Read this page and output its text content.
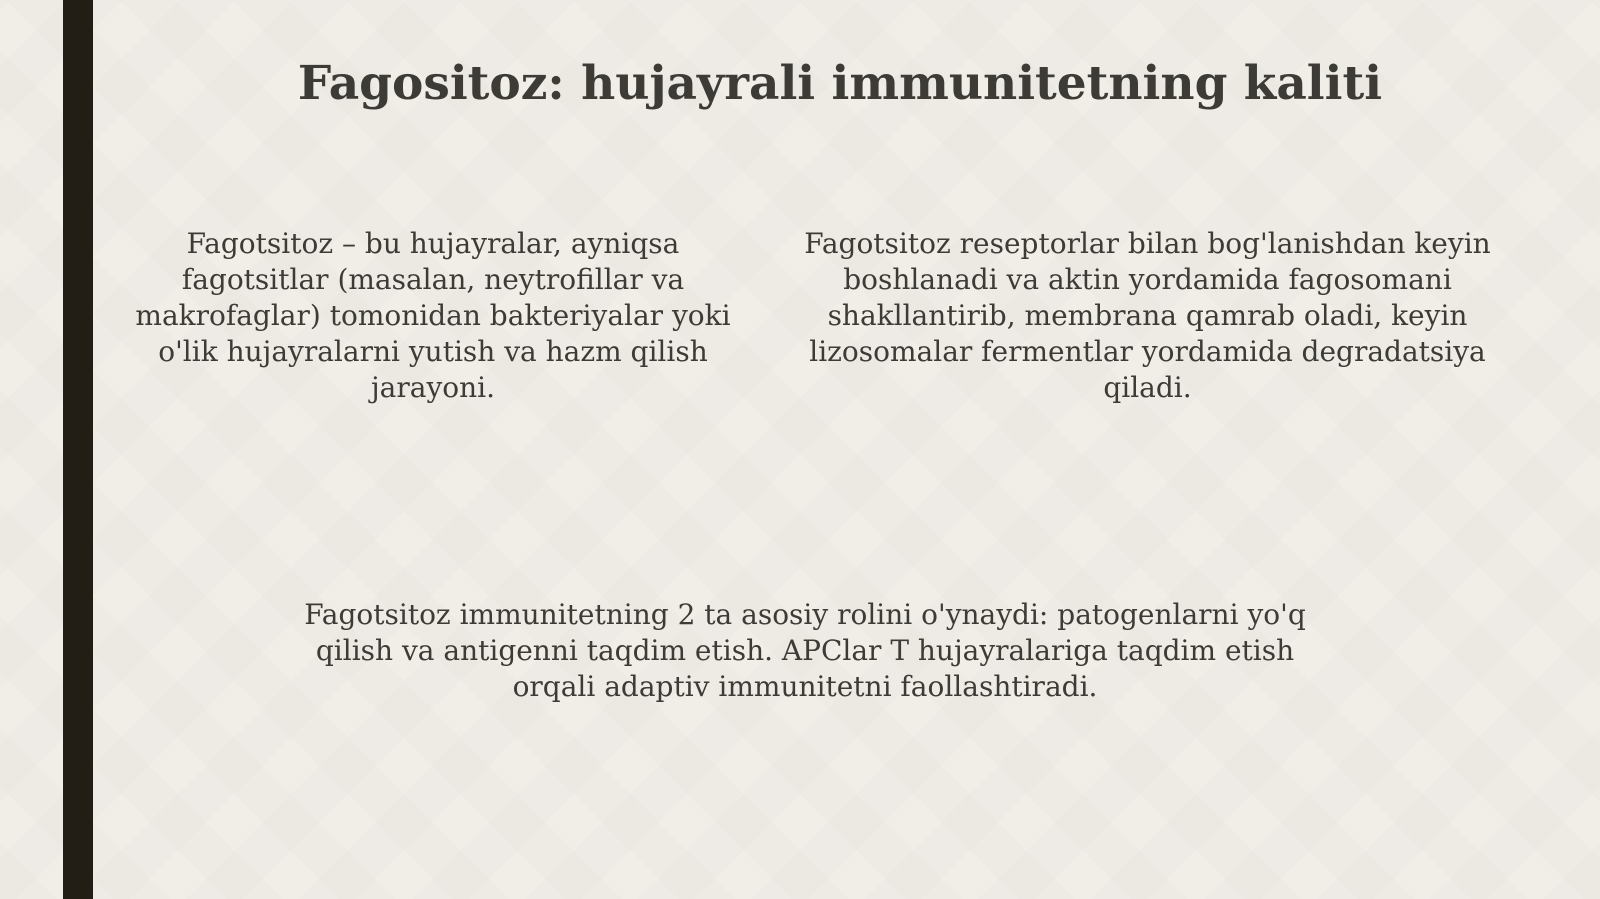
Fagositoz: hujayrali immunitetning kaliti

Fagotsitoz – bu hujayralar, ayniqsa fagotsitlar (masalan, neytrofillar va makrofaglar) tomonidan bakteriyalar yoki o'lik hujayralarni yutish va hazm qilish jarayoni.

Fagotsitoz reseptorlar bilan bog'lanishdan keyin boshlanadi va aktin yordamida fagosomani shakllantirib, membrana qamrab oladi, keyin lizosomalar fermentlar yordamida degradatsiya qiladi.

Fagotsitoz immunitetning 2 ta asosiy rolini o'ynaydi: patogenlarni yo'q qilish va antigenni taqdim etish. APClar T hujayralariga taqdim etish orqali adaptiv immunitetni faollashtiradi.
